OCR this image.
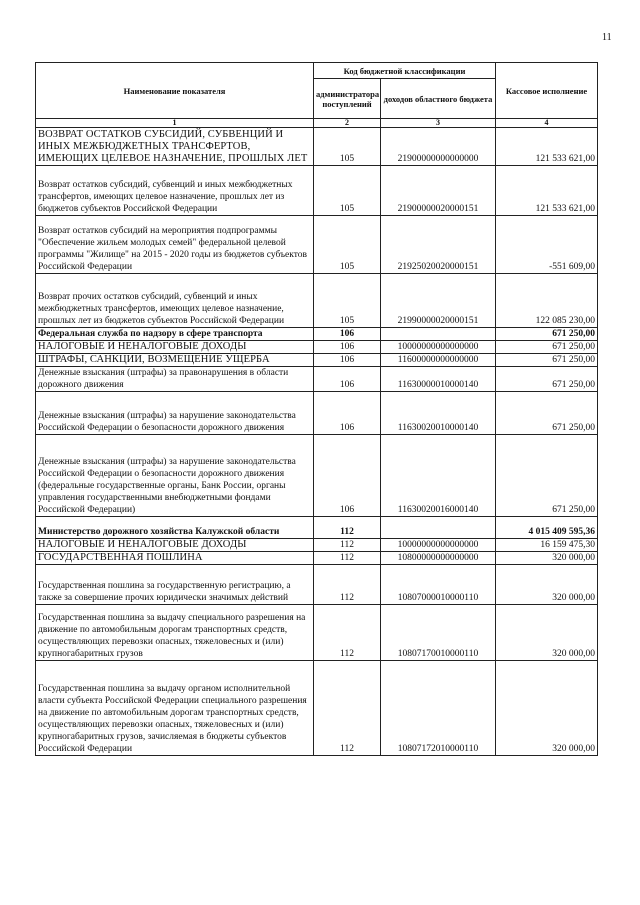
11
Наименование показателя	Код бюджетной классификации		Кассовое исполнение
	администратора поступлений	доходов областного бюджета	
1	2	3	4
ВОЗВРАТ ОСТАТКОВ СУБСИДИЙ, СУБВЕНЦИЙ И ИНЫХ МЕЖБЮДЖЕТНЫХ ТРАНСФЕРТОВ, ИМЕЮЩИХ ЦЕЛЕВОЕ НАЗНАЧЕНИЕ, ПРОШЛЫХ ЛЕТ	105	21900000000000000	121 533 621,00
Возврат остатков субсидий, субвенций и иных межбюджетных трансфертов, имеющих целевое назначение, прошлых лет из бюджетов субъектов Российской Федерации	105	21900000020000151	121 533 621,00
Возврат остатков субсидий на мероприятия подпрограммы "Обеспечение жильем молодых семей" федеральной целевой программы "Жилище" на 2015 - 2020 годы из бюджетов субъектов Российской Федерации	105	21925020020000151	-551 609,00
Возврат прочих остатков субсидий, субвенций и иных межбюджетных трансфертов, имеющих целевое назначение, прошлых лет из бюджетов субъектов Российской Федерации	105	21990000020000151	122 085 230,00
Федеральная служба по надзору в сфере транспорта	106		671 250,00
НАЛОГОВЫЕ И НЕНАЛОГОВЫЕ ДОХОДЫ	106	10000000000000000	671 250,00
ШТРАФЫ, САНКЦИИ, ВОЗМЕЩЕНИЕ УЩЕРБА	106	11600000000000000	671 250,00
Денежные взыскания (штрафы) за правонарушения в области дорожного движения	106	11630000010000140	671 250,00
Денежные взыскания (штрафы) за нарушение законодательства Российской Федерации о безопасности дорожного движения	106	11630020010000140	671 250,00
Денежные взыскания (штрафы) за нарушение законодательства Российской Федерации о безопасности дорожного движения (федеральные государственные органы, Банк России, органы управления государственными внебюджетными фондами Российской Федерации)	106	11630020016000140	671 250,00
Министерство дорожного хозяйства Калужской области	112		4 015 409 595,36
НАЛОГОВЫЕ И НЕНАЛОГОВЫЕ ДОХОДЫ	112	10000000000000000	16 159 475,30
ГОСУДАРСТВЕННАЯ ПОШЛИНА	112	10800000000000000	320 000,00
Государственная пошлина за государственную регистрацию, а также за совершение прочих юридически значимых действий	112	10807000010000110	320 000,00
Государственная пошлина за выдачу специального разрешения на движение по автомобильным дорогам транспортных средств, осуществляющих перевозки опасных, тяжеловесных и (или) крупногабаритных грузов	112	10807170010000110	320 000,00
Государственная пошлина за выдачу органом исполнительной власти субъекта Российской Федерации специального разрешения на движение по автомобильным дорогам транспортных средств, осуществляющих перевозки опасных, тяжеловесных и (или) крупногабаритных грузов, зачисляемая в бюджеты субъектов Российской Федерации	112	10807172010000110	320 000,00
